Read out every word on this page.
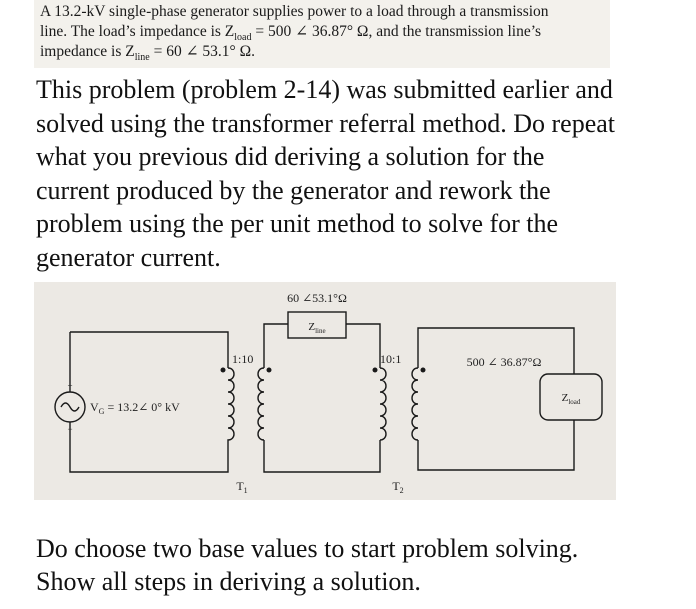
A 13.2-kV single-phase generator supplies power to a load through a transmission
line. The load’s impedance is $Z_{load} = 500$ ∠ 36.87° Ω, and the transmission line’s
impedance is $Z_{line} = 60$ ∠ 53.1° Ω.
This problem (problem 2-14) was submitted earlier and
solved using the transformer referral method. Do repeat
what you previous did deriving a solution for the
current produced by the generator and rework the
problem using the per unit method to solve for the
generator current.
+
−
$V_G$ = 13.2∠ 0° kV
1:10	10:1
60 ∠53.1°Ω
$Z_{line}$
500 ∠ 36.87°Ω
$Z_{load}$
$T_1$	$T_2$
Do choose two base values to start problem solving.
Show all steps in deriving a solution.
